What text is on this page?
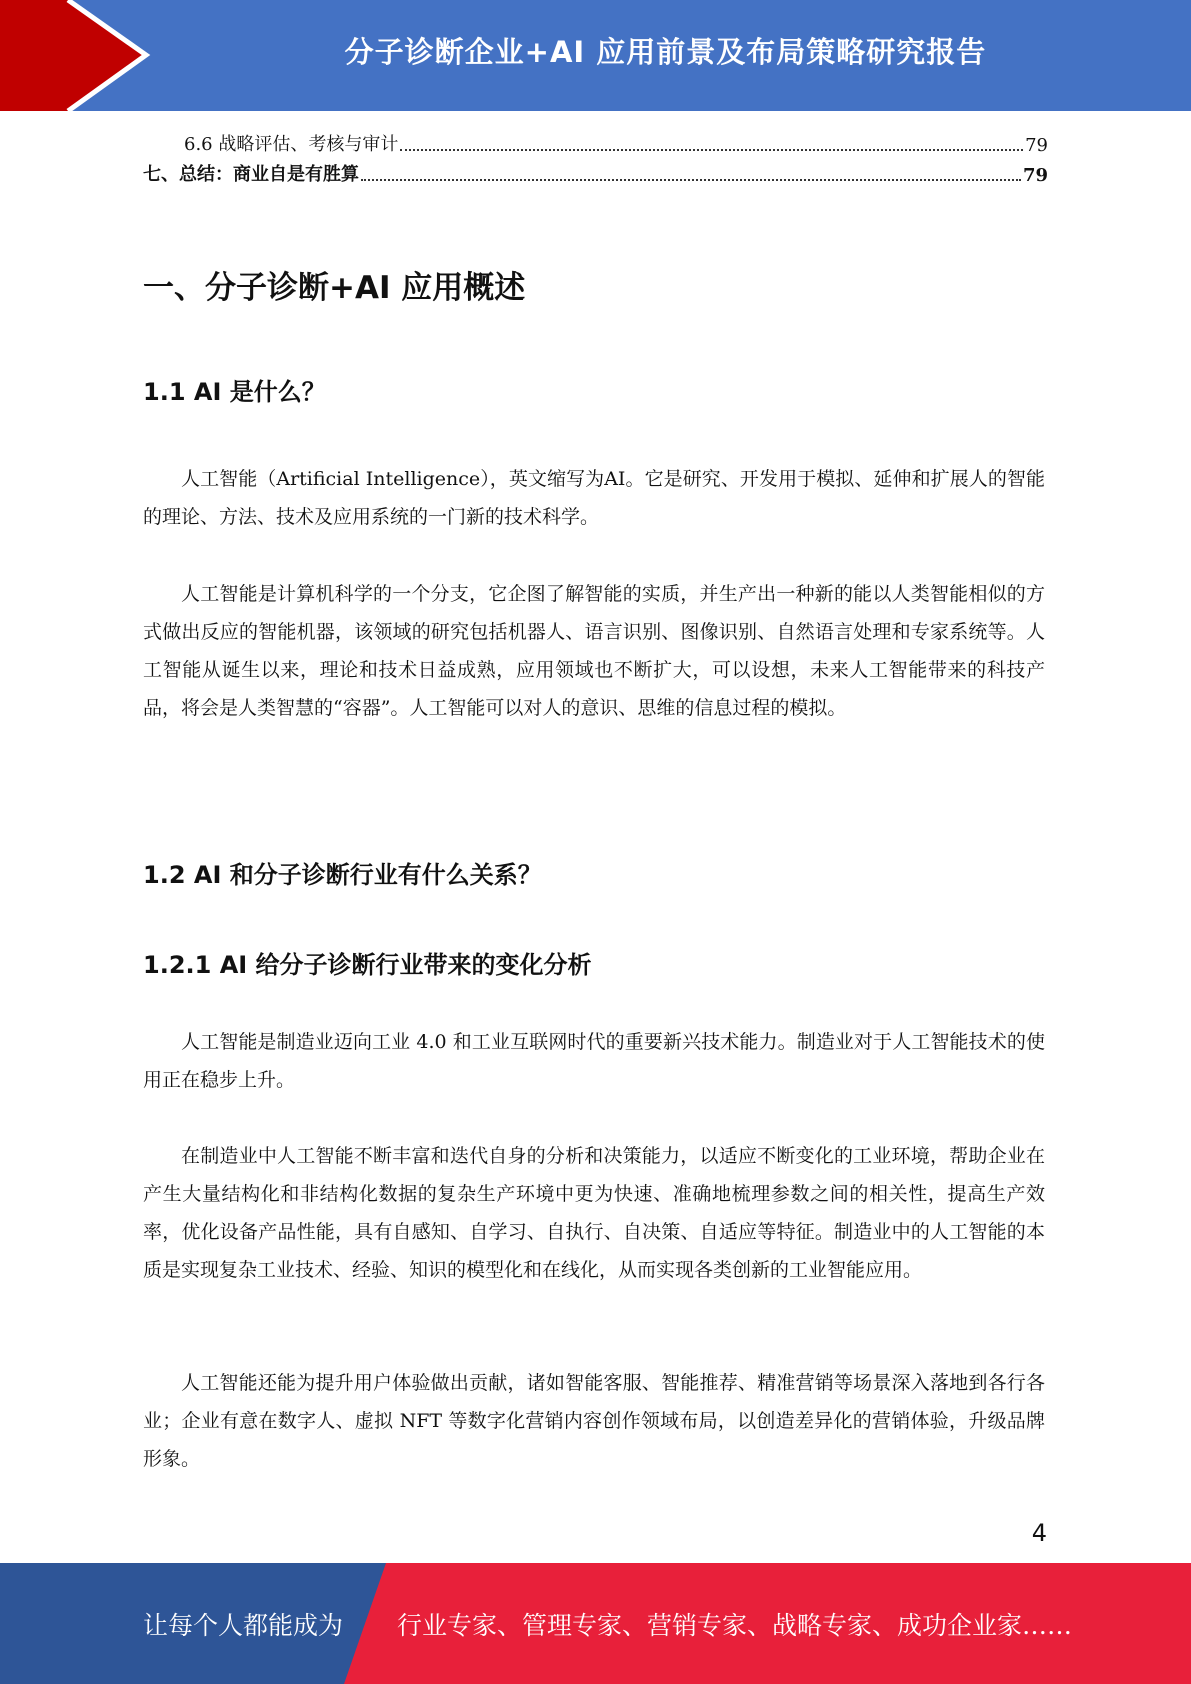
分子诊断企业+AI 应用前景及布局策略研究报告
6.6 战略评估、考核与审计	79
七、总结：商业自是有胜算	79
一、分子诊断+AI 应用概述
1.1 AI 是什么？

人工智能（Artificial Intelligence），英文缩写为AI。它是研究、开发用于模拟、延伸和扩展人的智能的理论、方法、技术及应用系统的一门新的技术科学。

人工智能是计算机科学的一个分支，它企图了解智能的实质，并生产出一种新的能以人类智能相似的方式做出反应的智能机器，该领域的研究包括机器人、语言识别、图像识别、自然语言处理和专家系统等。人工智能从诞生以来，理论和技术日益成熟，应用领域也不断扩大，可以设想，未来人工智能带来的科技产品，将会是人类智慧的“容器”。人工智能可以对人的意识、思维的信息过程的模拟。

1.2 AI 和分子诊断行业有什么关系？
1.2.1 AI 给分子诊断行业带来的变化分析

人工智能是制造业迈向工业 4.0 和工业互联网时代的重要新兴技术能力。制造业对于人工智能技术的使用正在稳步上升。

在制造业中人工智能不断丰富和迭代自身的分析和决策能力，以适应不断变化的工业环境，帮助企业在产生大量结构化和非结构化数据的复杂生产环境中更为快速、准确地梳理参数之间的相关性，提高生产效率，优化设备产品性能，具有自感知、自学习、自执行、自决策、自适应等特征。制造业中的人工智能的本质是实现复杂工业技术、经验、知识的模型化和在线化，从而实现各类创新的工业智能应用。

人工智能还能为提升用户体验做出贡献，诸如智能客服、智能推荐、精准营销等场景深入落地到各行各业；企业有意在数字人、虚拟 NFT 等数字化营销内容创作领域布局，以创造差异化的营销体验，升级品牌形象。

4
让每个人都能成为 行业专家、管理专家、营销专家、战略专家、成功企业家……
